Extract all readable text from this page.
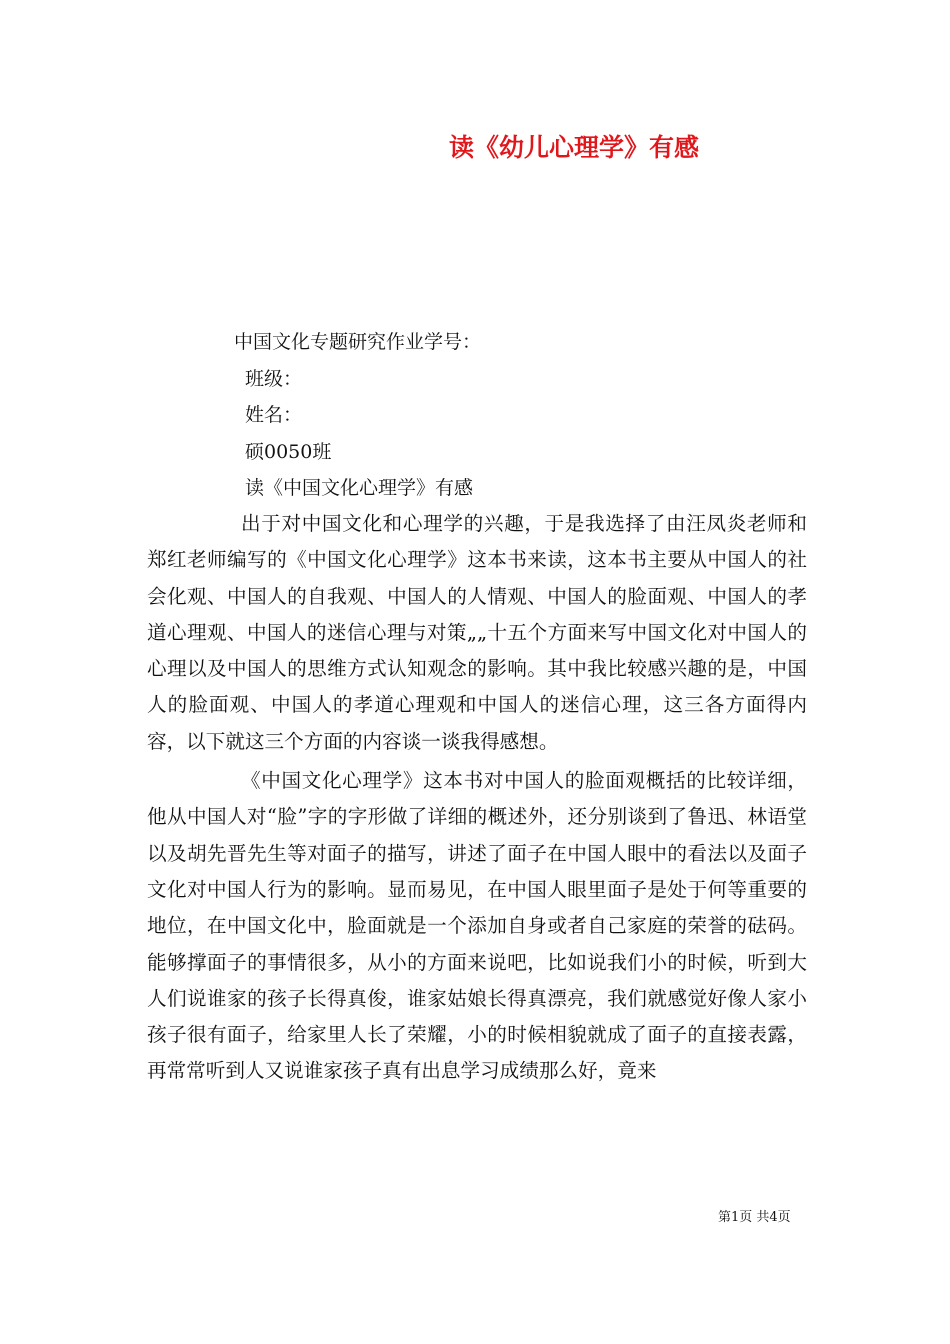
读《幼儿心理学》有感
中国文化专题研究作业学号：
班级：
姓名：
硕0050班
读《中国文化心理学》有感

出于对中国文化和心理学的兴趣，于是我选择了由汪凤炎老师和郑红老师编写的《中国文化心理学》这本书来读，这本书主要从中国人的社会化观、中国人的自我观、中国人的人情观、中国人的脸面观、中国人的孝道心理观、中国人的迷信心理与对策„„十五个方面来写中国文化对中国人的心理以及中国人的思维方式认知观念的影响。其中我比较感兴趣的是，中国人的脸面观、中国人的孝道心理观和中国人的迷信心理，这三各方面得内容，以下就这三个方面的内容谈一谈我得感想。

《中国文化心理学》这本书对中国人的脸面观概括的比较详细，他从中国人对“脸”字的字形做了详细的概述外，还分别谈到了鲁迅、林语堂以及胡先晋先生等对面子的描写，讲述了面子在中国人眼中的看法以及面子文化对中国人行为的影响。显而易见，在中国人眼里面子是处于何等重要的地位，在中国文化中，脸面就是一个添加自身或者自己家庭的荣誉的砝码。能够撑面子的事情很多，从小的方面来说吧，比如说我们小的时候，听到大人们说谁家的孩子长得真俊，谁家姑娘长得真漂亮，我们就感觉好像人家小孩子很有面子，给家里人长了荣耀，小的时候相貌就成了面子的直接表露，再常常听到人又说谁家孩子真有出息学习成绩那么好，竟来

第1页 共4页
